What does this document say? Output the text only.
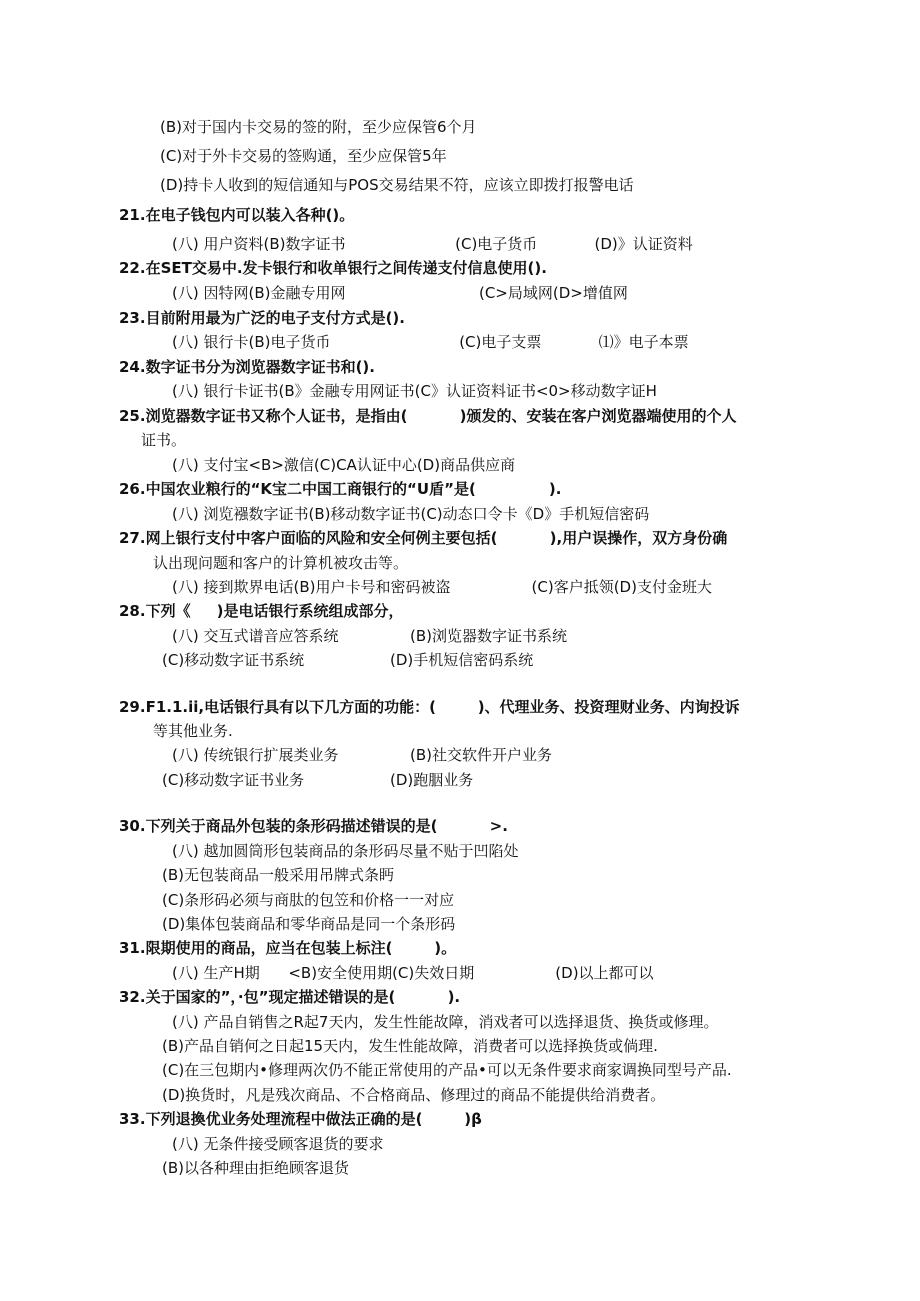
(B)对于国内卡交易的签的附，至少应保管6个月
(C)对于外卡交易的签购通，至少应保管5年
(D)持卡人收到的短信通知与POS交易结果不符，应该立即拨打报警电话
21.在电子钱包内可以装入各种()。
(八) 用户资料(B)数字证书                       (C)电子货币            (D)》认证资料
22.在SET交易中.发卡银行和收单银行之间传递支付信息使用().
(八) 因特网(B)金融专用网                            (C>局域网(D>增值网
23.目前附用最为广泛的电子支付方式是().
(八) 银行卡(B)电子货币                           (C)电子支票            ⑴》电子本票
24.数字证书分为浏览器数字证书和().
(八) 银行卡证书(B》金融专用网证书(C》认证资料证书<0>移动数字证H
25.浏览器数字证书又称个人证书，是指由(          )颁发的、安装在客户浏览器端使用的个人
证书。
(八) 支付宝<B>激信(C)CA认证中心(D)商品供应商
26.中国农业粮行的“K宝二中国工商银行的“U盾”是(              ).
(八) 浏览襁数字证书(B)移动数字证书(C)动态口令卡《D》手机短信密码
27.网上银行支付中客户面临的风险和安全何例主要包括(          ),用户误操作，双方身份确
认出现问题和客户的计算机被攻击等。
(八) 接到欺界电话(B)用户卡号和密码被盗                 (C)客户抵领(D)支付金班大
28.下列《     )是电话银行系统组成部分，
(八) 交互式谱音应答系统               (B)浏览器数字证书系统
(C)移动数字证书系统                  (D)手机短信密码系统
29.F1.1.ii,电话银行具有以下几方面的功能：(        )、代理业务、投资理财业务、内询投诉
等其他业务.
(八) 传统银行扩展类业务               (B)社交软件开户业务
(C)移动数字证书业务                  (D)跑胭业务
30.下列关于商品外包装的条形码描述错误的是(          >.
(八) 越加圆筒形包装商品的条形码尽量不贴于凹陷处
(B)无包装商品一般采用吊牌式条眄
(C)条形码必须与商肽的包笠和价格一一对应
(D)集体包装商品和零华商品是同一个条形码
31.限期使用的商品，应当在包装上标注(        )。
(八) 生产H期      <B)安全使用期(C)失效日期                 (D)以上都可以
32.关于国家的”，·包”现定描述错误的是(          ).
(八) 产品自销售之R起7天内，发生性能故障，消戏者可以选择退货、换货或修理。
(B)产品自销何之日起15天内，发生性能故障，消费者可以选择换货或倘理.
(C)在三包期内•修理两次仍不能正常使用的产品•可以无条件要求商家调换同型号产品.
(D)换货时，凡是残次商品、不合格商品、修理过的商品不能提供给消费者。
33.下列退換优业务处理流程中做法正确的是(        )β
(八) 无条件接受顾客退货的要求
(B)以各种理由拒绝顾客退货
